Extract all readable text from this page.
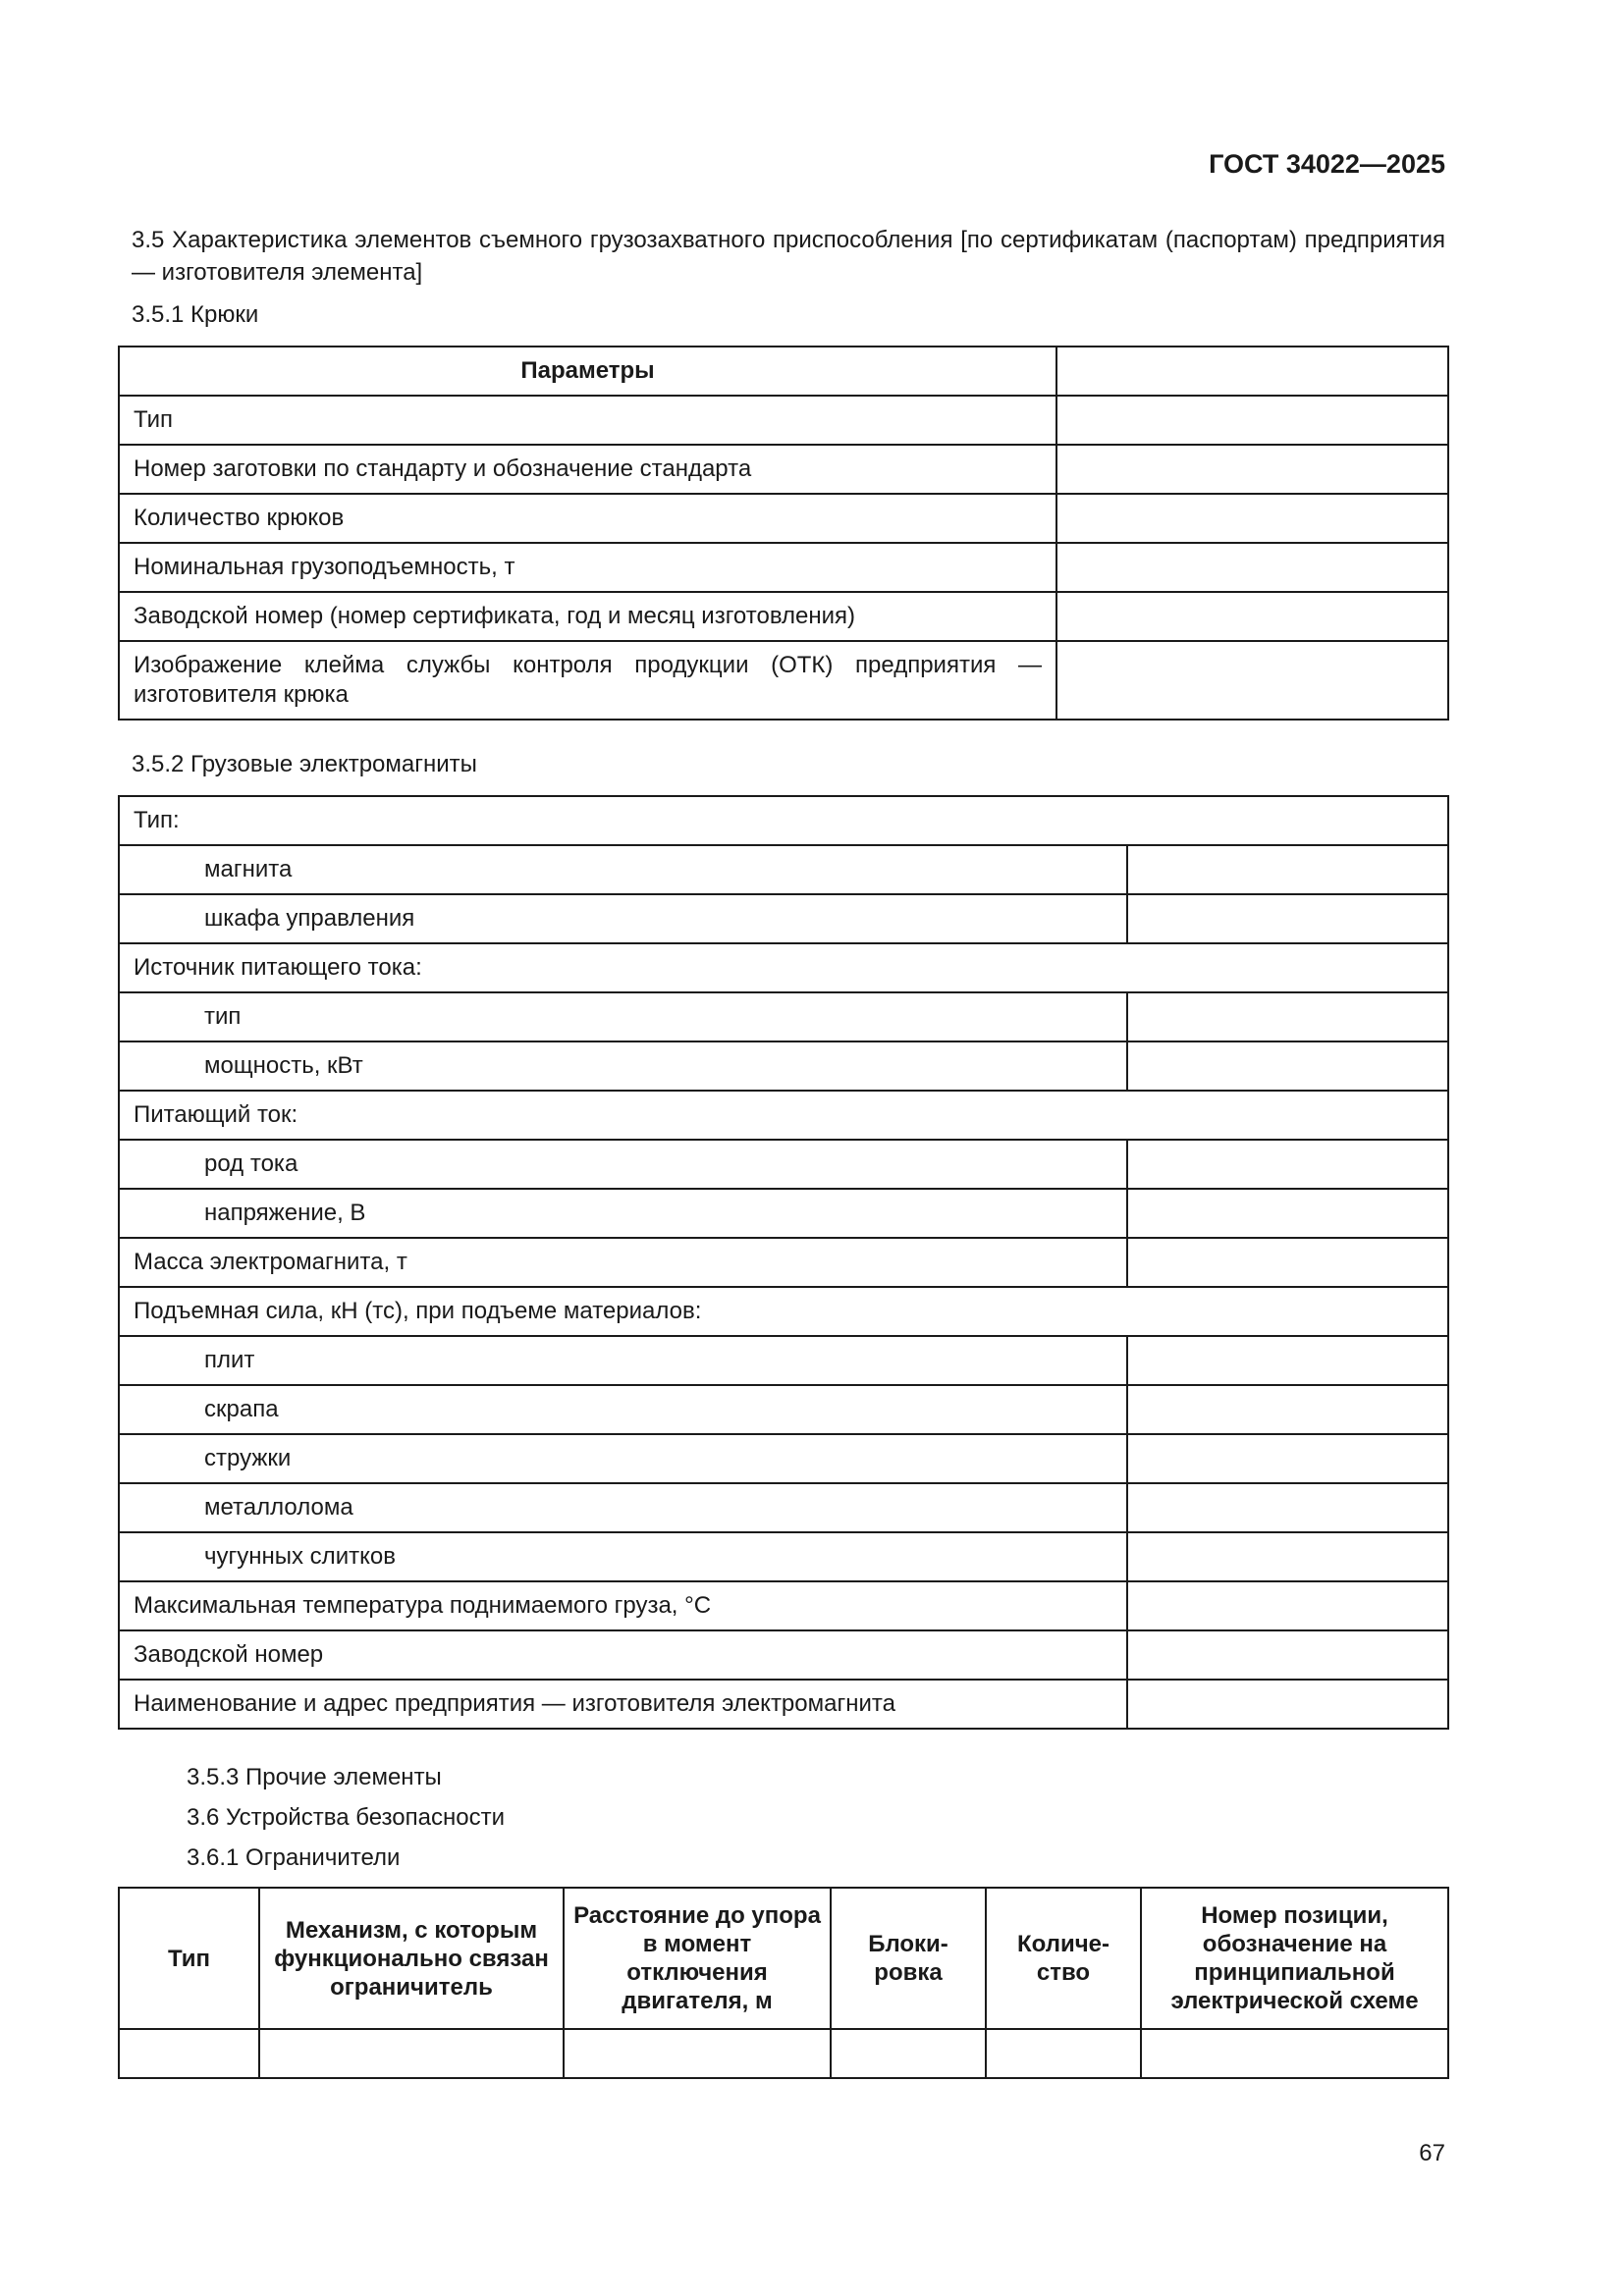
ГОСТ 34022—2025
3.5 Характеристика элементов съемного грузозахватного приспособления [по сертификатам (паспортам) предприятия — изготовителя элемента]
3.5.1 Крюки
Параметры	
Тип	
Номер заготовки по стандарту и обозначение стандарта	
Количество крюков	
Номинальная грузоподъемность, т	
Заводской номер (номер сертификата, год и месяц изготовления)	
Изображение клейма службы контроля продукции (ОТК) предприятия — изготовителя крюка	
3.5.2 Грузовые электромагниты
Тип:	
магнита	
шкафа управления	
Источник питающего тока:	
тип	
мощность, кВт	
Питающий ток:	
род тока	
напряжение, В	
Масса электромагнита, т	
Подъемная сила, кН (тс), при подъеме материалов:	
плит	
скрапа	
стружки	
металлолома	
чугунных слитков	
Максимальная температура поднимаемого груза, °С	
Заводской номер	
Наименование и адрес предприятия — изготовителя электромагнита	
3.5.3 Прочие элементы
3.6 Устройства безопасности
3.6.1 Ограничители
Тип	Механизм, с которым функционально связан ограничитель	Расстояние до упора в момент отключения двигателя, м	Блоки-ровка	Количе-ство	Номер позиции, обозначение на принципиальной электрической схеме

67
